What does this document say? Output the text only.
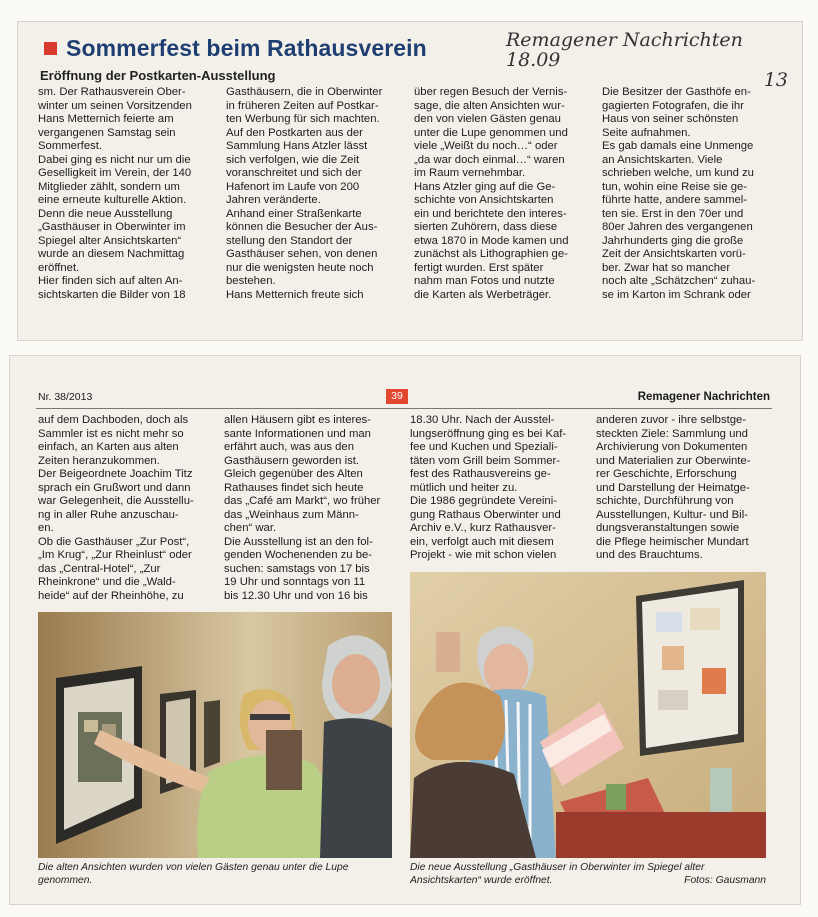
Sommerfest beim Rathausverein	Remagener Nachrichten 18.09
13
Eröffnung der Postkarten-Ausstellung
sm. Der Rathausverein Ober-
winter um seinen Vorsitzenden
Hans Metternich feierte am
vergangenen Samstag sein
Sommerfest.
Dabei ging es nicht nur um die
Geselligkeit im Verein, der 140
Mitglieder zählt, sondern um
eine erneute kulturelle Aktion.
Denn die neue Ausstellung
„Gasthäuser in Oberwinter im
Spiegel alter Ansichtskarten“
wurde an diesem Nachmittag
eröffnet.
Hier finden sich auf alten An-
sichtskarten die Bilder von 18
Gasthäusern, die in Oberwinter
in früheren Zeiten auf Postkar-
ten Werbung für sich machten.
Auf den Postkarten aus der
Sammlung Hans Atzler lässt
sich verfolgen, wie die Zeit
voranschreitet und sich der
Hafenort im Laufe von 200
Jahren veränderte.
Anhand einer Straßenkarte
können die Besucher der Aus-
stellung den Standort der
Gasthäuser sehen, von denen
nur die wenigsten heute noch
bestehen.
Hans Metternich freute sich
über regen Besuch der Vernis-
sage, die alten Ansichten wur-
den von vielen Gästen genau
unter die Lupe genommen und
viele „Weißt du noch…“ oder
„da war doch einmal…“ waren
im Raum vernehmbar.
Hans Atzler ging auf die Ge-
schichte von Ansichtskarten
ein und berichtete den interes-
sierten Zuhörern, dass diese
etwa 1870 in Mode kamen und
zunächst als Lithographien ge-
fertigt wurden. Erst später
nahm man Fotos und nutzte
die Karten als Werbeträger.
Die Besitzer der Gasthöfe en-
gagierten Fotografen, die ihr
Haus von seiner schönsten
Seite aufnahmen.
Es gab damals eine Unmenge
an Ansichtskarten. Viele
schrieben welche, um kund zu
tun, wohin eine Reise sie ge-
führte hatte, andere sammel-
ten sie. Erst in den 70er und
80er Jahren des vergangenen
Jahrhunderts ging die große
Zeit der Ansichtskarten vorü-
ber. Zwar hat so mancher
noch alte „Schätzchen“ zuhau-
se im Karton im Schrank oder
Nr. 38/2013	39	Remagener Nachrichten
auf dem Dachboden, doch als
Sammler ist es nicht mehr so
einfach, an Karten aus alten
Zeiten heranzukommen.
Der Beigeordnete Joachim Titz
sprach ein Grußwort und dann
war Gelegenheit, die Ausstellu-
ng in aller Ruhe anzuschau-
en.
Ob die Gasthäuser „Zur Post“,
„Im Krug“, „Zur Rheinlust“ oder
das „Central-Hotel“, „Zur
Rheinkrone“ und die „Wald-
heide“ auf der Rheinhöhe, zu
allen Häusern gibt es interes-
sante Informationen und man
erfährt auch, was aus den
Gasthäusern geworden ist.
Gleich gegenüber des Alten
Rathauses findet sich heute
das „Café am Markt“, wo früher
das „Weinhaus zum Männ-
chen“ war.
Die Ausstellung ist an den fol-
genden Wochenenden zu be-
suchen: samstags von 17 bis
19 Uhr und sonntags von 11
bis 12.30 Uhr und von 16 bis
18.30 Uhr. Nach der Ausstel-
lungseröffnung ging es bei Kaf-
fee und Kuchen und Speziali-
täten vom Grill beim Sommer-
fest des Rathausvereins ge-
mütlich und heiter zu.
Die 1986 gegründete Vereini-
gung Rathaus Oberwinter und
Archiv e.V., kurz Rathausver-
ein, verfolgt auch mit diesem
Projekt - wie mit schon vielen
anderen zuvor - ihre selbstge-
steckten Ziele: Sammlung und
Archivierung von Dokumenten
und Materialien zur Oberwinte-
rer Geschichte, Erforschung
und Darstellung der Heimatge-
schichte, Durchführung von
Ausstellungen, Kultur- und Bil-
dungsveranstaltungen sowie
die Pflege heimischer Mundart
und des Brauchtums.
Die alten Ansichten wurden von vielen Gästen genau unter die Lupe genommen.
Die neue Ausstellung „Gasthäuser in Oberwinter im Spiegel alter Ansichtskarten“ wurde eröffnet.	Fotos: Gausmann
